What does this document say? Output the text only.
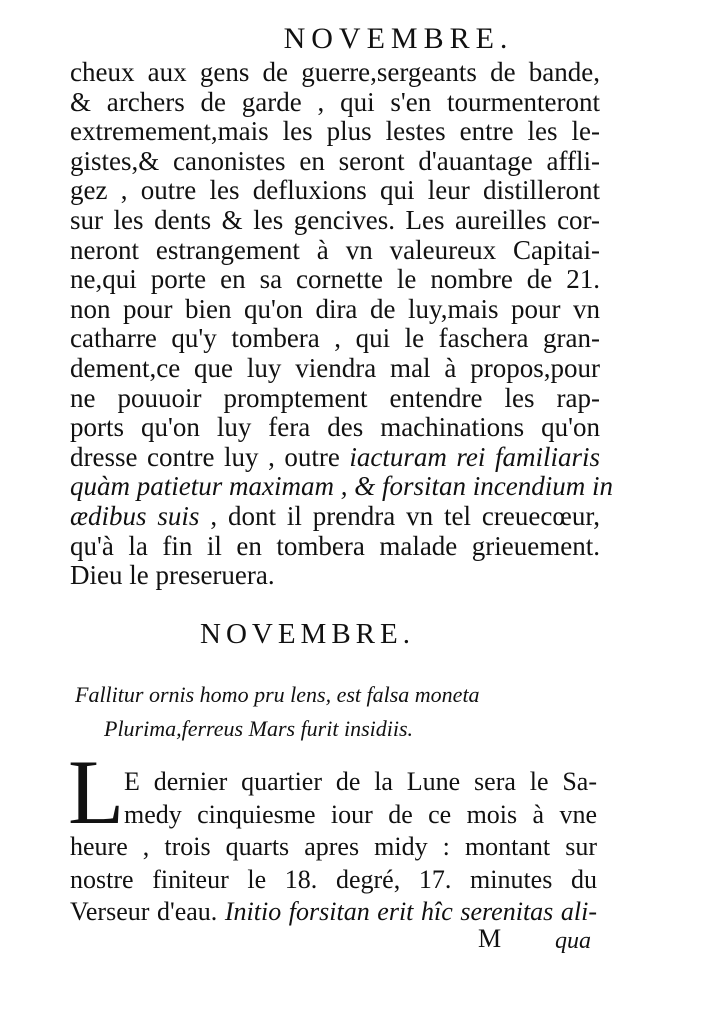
NOVEMBRE.
cheux aux gens de guerre,sergeants de bande,
& archers de garde , qui s'en tourmenteront
extremement,mais les plus lestes entre les le-
gistes,& canonistes en seront d'auantage affli-
gez , outre les defluxions qui leur distilleront
sur les dents & les gencives. Les aureilles cor-
neront estrangement à vn valeureux Capitai-
ne,qui porte en sa cornette le nombre de 21.
non pour bien qu'on dira de luy,mais pour vn
catharre qu'y tombera , qui le faschera gran-
dement,ce que luy viendra mal à propos,pour
ne pouuoir promptement entendre les rap-
ports qu'on luy fera des machinations qu'on
dresse contre luy , outre iacturam rei familiaris
quàm patietur maximam , & forsitan incendium in
ædibus suis , dont il prendra vn tel creuecœur,
qu'à la fin il en tombera malade grieuement.
Dieu le preseruera.
NOVEMBRE.
Fallitur ornis homo pru lens, est falsa moneta
Plurima,ferreus Mars furit insidiis.
L E dernier quartier de la Lune sera le Sa-
medy cinquiesme iour de ce mois à vne
heure , trois quarts apres midy : montant sur
nostre finiteur le 18. degré, 17. minutes du
Verseur d'eau. Initio forsitan erit hîc serenitas ali-
M qua
